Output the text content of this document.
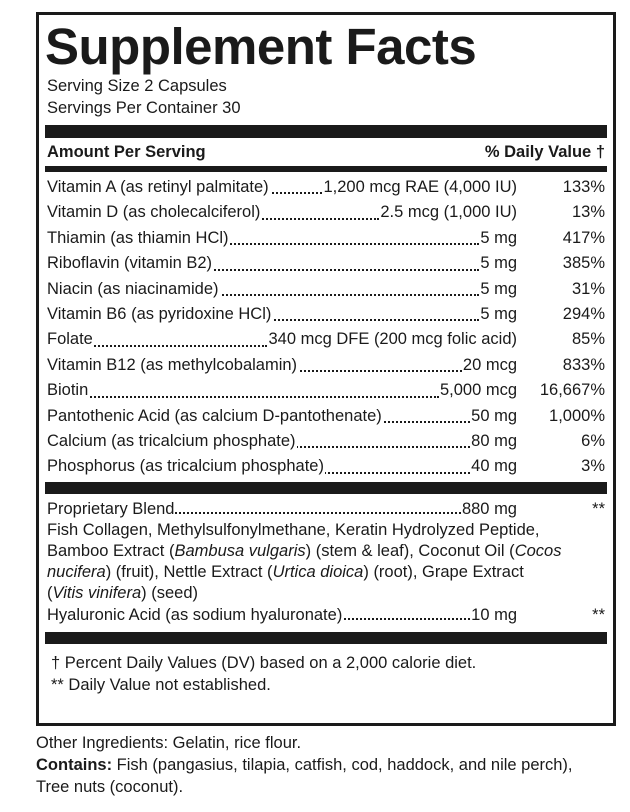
Supplement Facts
Serving Size 2 Capsules
Servings Per Container 30
Amount Per Serving	% Daily Value †
Vitamin A (as retinyl palmitate)	1,200 mcg RAE (4,000 IU)	133%
Vitamin D (as cholecalciferol)	2.5 mcg (1,000 IU)	13%
Thiamin (as thiamin HCl)	5 mg	417%
Riboflavin (vitamin B2)	5 mg	385%
Niacin (as niacinamide)	5 mg	31%
Vitamin B6 (as pyridoxine HCl)	5 mg	294%
Folate	340 mcg DFE (200 mcg folic acid)	85%
Vitamin B12 (as methylcobalamin)	20 mcg	833%
Biotin	5,000 mcg	16,667%
Pantothenic Acid (as calcium D-pantothenate)	50 mg	1,000%
Calcium (as tricalcium phosphate)	80 mg	6%
Phosphorus (as tricalcium phosphate)	40 mg	3%
Proprietary Blend	880 mg	**
Fish Collagen, Methylsulfonylmethane, Keratin Hydrolyzed Peptide,
Bamboo Extract (Bambusa vulgaris) (stem & leaf), Coconut Oil (Cocos
nucifera) (fruit), Nettle Extract (Urtica dioica) (root), Grape Extract
(Vitis vinifera) (seed)
Hyaluronic Acid (as sodium hyaluronate)	10 mg	**
† Percent Daily Values (DV) based on a 2,000 calorie diet.
** Daily Value not established.
Other Ingredients: Gelatin, rice flour.
Contains: Fish (pangasius, tilapia, catfish, cod, haddock, and nile perch),
Tree nuts (coconut).
